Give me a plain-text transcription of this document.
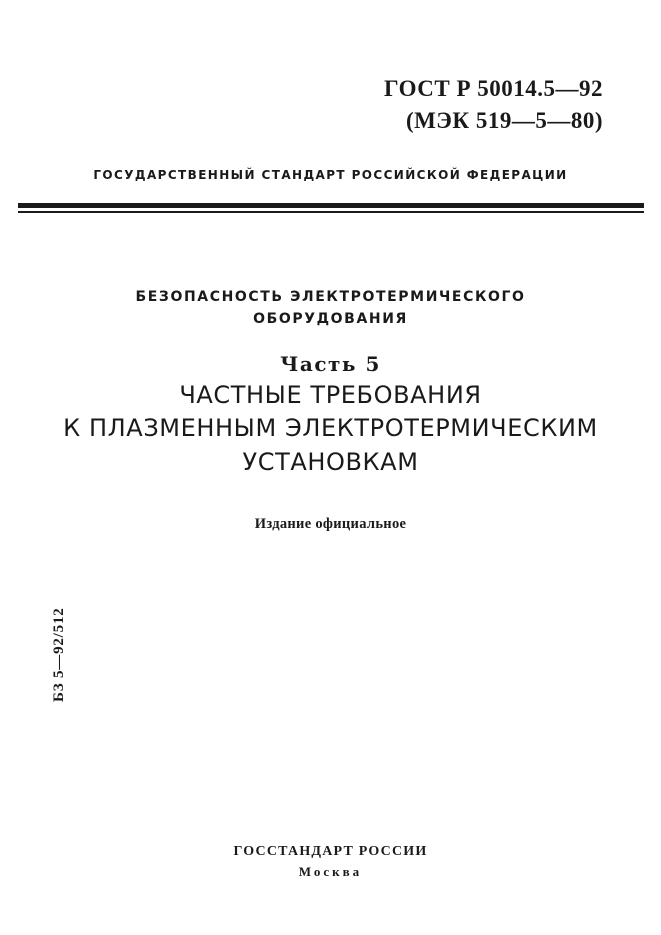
ГОСТ Р 50014.5—92
(МЭК 519—5—80)
ГОСУДАРСТВЕННЫЙ СТАНДАРТ РОССИЙСКОЙ ФЕДЕРАЦИИ
БЕЗОПАСНОСТЬ ЭЛЕКТРОТЕРМИЧЕСКОГО
ОБОРУДОВАНИЯ
Часть 5
ЧАСТНЫЕ ТРЕБОВАНИЯ
К ПЛАЗМЕННЫМ ЭЛЕКТРОТЕРМИЧЕСКИМ
УСТАНОВКАМ
Издание официальное
БЗ 5—92/512
ГОССТАНДАРТ РОССИИ
Москва
